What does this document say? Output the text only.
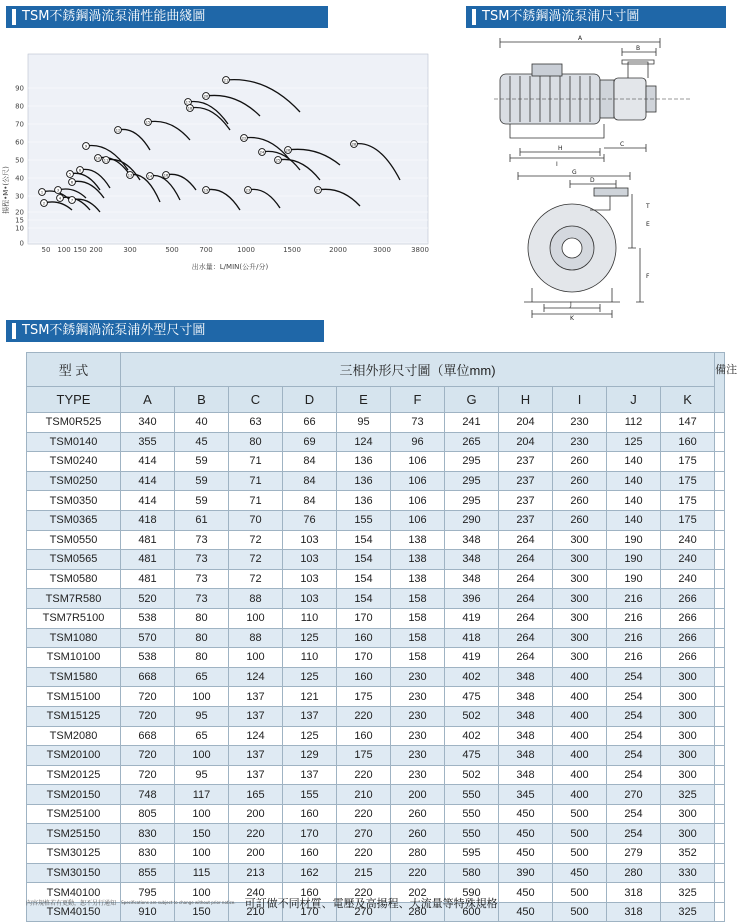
TSM不銹鋼渦流泵浦性能曲綫圖	TSM不銹鋼渦流泵浦尺寸圖
TSM不銹鋼渦流泵浦外型尺寸圖
0
10
15
20
30
40
50
60
70
80
90
50 100 150 200	300	500	700	1000	1500	2000	3000	3800
揚程•M•(公尺)
出水量：L/MIN(公升/分)
1
2
3
4
5
6
7
8
9
10 11
12
13	14
15
16
17
18
19
20
21
22
23
24
25
26
27
28
A
B
H
I
C
G
D
T
E
F
J
K
型 式	三相外形尺寸圖（單位mm)											備注
TYPE	A	B	C	D	E	F	G	H	I	J	K	
TSM0R525	340	40	63	66	95	73	241	204	230	112	147	
TSM0140	355	45	80	69	124	96	265	204	230	125	160	
TSM0240	414	59	71	84	136	106	295	237	260	140	175	
TSM0250	414	59	71	84	136	106	295	237	260	140	175	
TSM0350	414	59	71	84	136	106	295	237	260	140	175	
TSM0365	418	61	70	76	155	106	290	237	260	140	175	
TSM0550	481	73	72	103	154	138	348	264	300	190	240	
TSM0565	481	73	72	103	154	138	348	264	300	190	240	
TSM0580	481	73	72	103	154	138	348	264	300	190	240	
TSM7R580	520	73	88	103	154	158	396	264	300	216	266	
TSM7R5100	538	80	100	110	170	158	419	264	300	216	266	
TSM1080	570	80	88	125	160	158	418	264	300	216	266	
TSM10100	538	80	100	110	170	158	419	264	300	216	266	
TSM1580	668	65	124	125	160	230	402	348	400	254	300	
TSM15100	720	100	137	121	175	230	475	348	400	254	300	
TSM15125	720	95	137	137	220	230	502	348	400	254	300	
TSM2080	668	65	124	125	160	230	402	348	400	254	300	
TSM20100	720	100	137	129	175	230	475	348	400	254	300	
TSM20125	720	95	137	137	220	230	502	348	400	254	300	
TSM20150	748	117	165	155	210	200	550	345	400	270	325	
TSM25100	805	100	200	160	220	260	550	450	500	254	300	
TSM25150	830	150	220	170	270	260	550	450	500	254	300	
TSM30125	830	100	200	160	220	280	595	450	500	279	352	
TSM30150	855	115	213	162	215	220	580	390	450	280	330	
TSM40100	795	100	240	160	220	202	590	450	500	318	325	
TSM40150	910	150	210	170	270	280	600	450	500	318	325	
內容規格若有更動，恕不另行通知 Specifications are subject to change without prior notice. 可訂做不同材質、電壓及高揚程、大流量等特殊規格
